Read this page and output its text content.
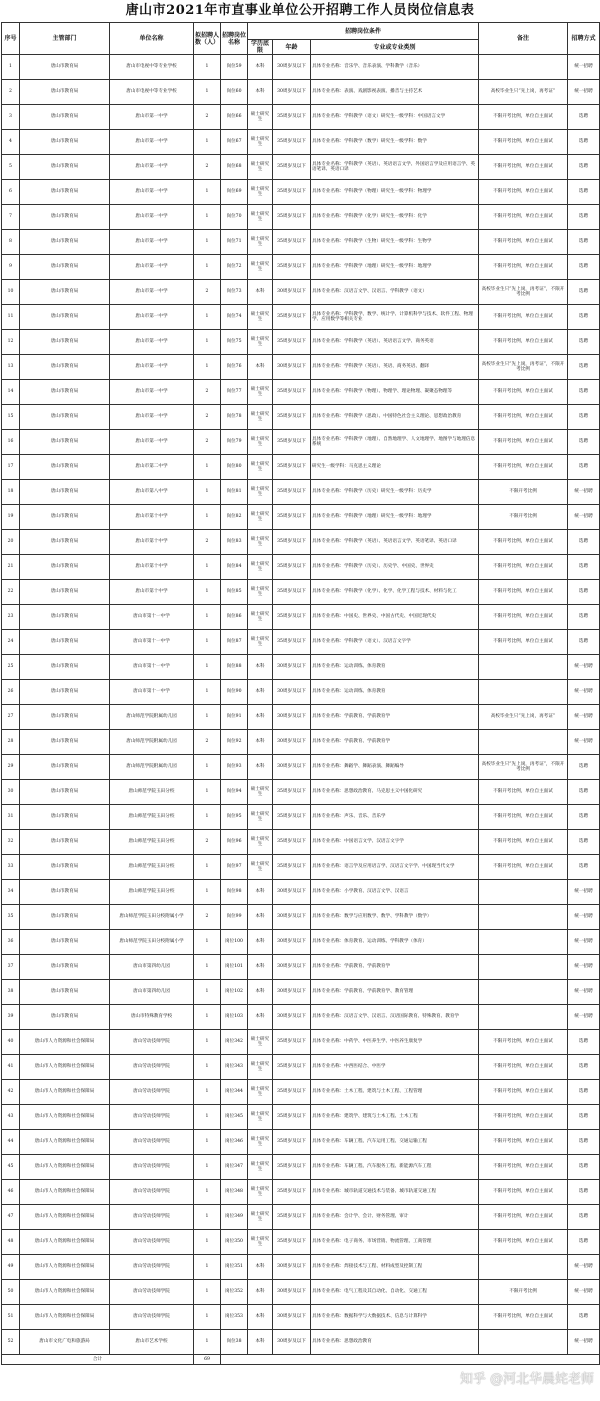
唐山市2021年市直事业单位公开招聘工作人员岗位信息表
序号	主管部门	单位名称	拟招聘人数（人）	招聘岗位名称	招聘岗位条件			备注	招聘方式
					学历底限	年龄	专业或专业类别		
1	唐山市教育局	唐山市电视中等专业学校	1	岗位59	本科	30周岁及以下	具体专业名称：音乐学、音乐表演、学科教学（音乐）		统一招聘
2	唐山市教育局	唐山市电视中等专业学校	1	岗位60	本科	30周岁及以下	具体专业名称：表演、戏剧影视表演、播音与主持艺术	高校毕业生只“先上岗，再考证”	统一招聘
3	唐山市教育局	唐山市第一中学	2	岗位66	硕士研究生	35周岁及以下	具体专业名称：学科教学（语文）研究生一级学科：中国语言文学	不限开考比例，单位自主面试	选聘
4	唐山市教育局	唐山市第一中学	1	岗位67	硕士研究生	35周岁及以下	具体专业名称：学科教学（数学）研究生一级学科：数学	不限开考比例，单位自主面试	选聘
5	唐山市教育局	唐山市第一中学	2	岗位68	硕士研究生	35周岁及以下	具体专业名称：学科教学（英语）、英语语言文学、外国语言学及应用语言学、英语笔译、英语口译	不限开考比例，单位自主面试	选聘
6	唐山市教育局	唐山市第一中学	1	岗位69	硕士研究生	35周岁及以下	具体专业名称：学科教学（物理）研究生一级学科：物理学	不限开考比例，单位自主面试	选聘
7	唐山市教育局	唐山市第一中学	1	岗位70	硕士研究生	35周岁及以下	具体专业名称：学科教学（化学）研究生一级学科：化学	不限开考比例，单位自主面试	选聘
8	唐山市教育局	唐山市第一中学	1	岗位71	硕士研究生	35周岁及以下	具体专业名称：学科教学（生物）研究生一级学科：生物学	不限开考比例，单位自主面试	选聘
9	唐山市教育局	唐山市第一中学	1	岗位72	硕士研究生	35周岁及以下	具体专业名称：学科教学（地理）研究生一级学科：地理学	不限开考比例，单位自主面试	选聘
10	唐山市教育局	唐山市第一中学	2	岗位73	本科	30周岁及以下	具体专业名称：汉语言文学、汉语言、学科教学（语文）	高校毕业生只“先上岗，再考证”，不限开考比例	选聘
11	唐山市教育局	唐山市第一中学	1	岗位74	硕士研究生	35周岁及以下	具体专业名称：学科教学、数学、统计学、计算机科学与技术、软件工程、物理学、应用数学等相关专业	不限开考比例，单位自主面试	选聘
12	唐山市教育局	唐山市第一中学	1	岗位75	硕士研究生	35周岁及以下	具体专业名称：学科教学（英语）、英语语言文学、商务英语	不限开考比例，单位自主面试	选聘
13	唐山市教育局	唐山市第一中学	1	岗位76	本科	30周岁及以下	具体专业名称：学科教学（英语）、英语、商务英语、翻译	高校毕业生只“先上岗，再考证”，不限开考比例	选聘
14	唐山市教育局	唐山市第一中学	2	岗位77	硕士研究生	35周岁及以下	具体专业名称：学科教学（物理）、物理学、理论物理、凝聚态物理等	不限开考比例，单位自主面试	选聘
15	唐山市教育局	唐山市第一中学	2	岗位78	硕士研究生	35周岁及以下	具体专业名称：学科教学（思政）、中国特色社会主义理论、思想政治教育	不限开考比例，单位自主面试	选聘
16	唐山市教育局	唐山市第一中学	2	岗位79	硕士研究生	35周岁及以下	具体专业名称：学科教学（地理）、自然地理学、人文地理学、地图学与地理信息系统	不限开考比例，单位自主面试	选聘
17	唐山市教育局	唐山市第二中学	1	岗位80	硕士研究生	35周岁及以下	研究生一级学科：马克思主义理论	不限开考比例，单位自主面试	选聘
18	唐山市教育局	唐山市第八中学	1	岗位81	硕士研究生	35周岁及以下	具体专业名称：学科教学（历史）研究生一级学科：历史学	不限开考比例	统一招聘
19	唐山市教育局	唐山市第十中学	1	岗位82	硕士研究生	35周岁及以下	具体专业名称：学科教学（地理）研究生一级学科：地理学	不限开考比例	统一招聘
20	唐山市教育局	唐山市第十中学	2	岗位83	硕士研究生	35周岁及以下	具体专业名称：学科教学（英语）、英语语言文学、英语笔译、英语口译	不限开考比例，单位自主面试	选聘
21	唐山市教育局	唐山市第十中学	1	岗位84	硕士研究生	35周岁及以下	具体专业名称：学科教学（历史）、历史学、中国史、世界史	不限开考比例，单位自主面试	选聘
22	唐山市教育局	唐山市第十中学	1	岗位85	硕士研究生	35周岁及以下	具体专业名称：学科教学（化学）、化学、化学工程与技术、材料与化工	不限开考比例，单位自主面试	选聘
23	唐山市教育局	唐山市第十一中学	1	岗位86	硕士研究生	35周岁及以下	具体专业名称：中国史、世界史、中国古代史、中国近现代史	不限开考比例，单位自主面试	选聘
24	唐山市教育局	唐山市第十一中学	1	岗位87	硕士研究生	35周岁及以下	具体专业名称：学科教学（语文）、汉语言文字学	不限开考比例，单位自主面试	选聘
25	唐山市教育局	唐山市第十一中学	1	岗位88	本科	30周岁及以下	具体专业名称：运动训练、体育教育		统一招聘
26	唐山市教育局	唐山市第十一中学	1	岗位90	本科	30周岁及以下	具体专业名称：运动训练、体育教育		统一招聘
27	唐山市教育局	唐山师范学院附属幼儿园	1	岗位91	本科	30周岁及以下	具体专业名称：学前教育、学前教育学	高校毕业生只“先上岗，再考证”	统一招聘
28	唐山市教育局	唐山师范学院附属幼儿园	2	岗位92	本科	30周岁及以下	具体专业名称：学前教育、学前教育学		统一招聘
29	唐山市教育局	唐山师范学院附属幼儿园	1	岗位93	本科	30周岁及以下	具体专业名称：舞蹈学、舞蹈表演、舞蹈编导	高校毕业生只“先上岗，再考证”，不限开考比例	选聘
30	唐山市教育局	唐山师范学院玉田分校	1	岗位94	硕士研究生	35周岁及以下	具体专业名称：思想政治教育、马克思主义中国化研究	不限开考比例，单位自主面试	选聘
31	唐山市教育局	唐山师范学院玉田分校	1	岗位95	硕士研究生	35周岁及以下	具体专业名称：声乐、音乐、音乐学	不限开考比例，单位自主面试	选聘
32	唐山市教育局	唐山师范学院玉田分校	2	岗位96	硕士研究生	35周岁及以下	具体专业名称：中国语言文学、汉语言文字学	不限开考比例，单位自主面试	选聘
33	唐山市教育局	唐山师范学院玉田分校	1	岗位97	硕士研究生	35周岁及以下	具体专业名称：语言学及应用语言学、汉语言文字学、中国现当代文学	不限开考比例，单位自主面试	选聘
34	唐山市教育局	唐山师范学院玉田分校	1	岗位98	本科	30周岁及以下	具体专业名称：小学教育、汉语言文学、汉语言		统一招聘
35	唐山市教育局	唐山师范学院玉田分校附属小学	2	岗位99	本科	30周岁及以下	具体专业名称：数学与应用数学、数学、学科教学（数学）		统一招聘
36	唐山市教育局	唐山师范学院玉田分校附属小学	1	岗位100	本科	30周岁及以下	具体专业名称：体育教育、运动训练、学科教学（体育）		统一招聘
37	唐山市教育局	唐山市第四幼儿园	1	岗位101	本科	30周岁及以下	具体专业名称：学前教育、学前教育学		统一招聘
38	唐山市教育局	唐山市第四幼儿园	1	岗位102	本科	30周岁及以下	具体专业名称：学前教育、学前教育学、教育管理		统一招聘
39	唐山市教育局	唐山市特殊教育学校	1	岗位103	本科	30周岁及以下	具体专业名称：汉语言文学、汉语言、汉语国际教育、特殊教育、教育学		统一招聘
40	唐山市人力资源和社会保障局	唐山劳动技师学院	1	岗位342	硕士研究生	35周岁及以下	具体专业名称：中药学、中医养生学、中医养生康复学	不限开考比例，单位自主面试	选聘
41	唐山市人力资源和社会保障局	唐山劳动技师学院	1	岗位343	硕士研究生	35周岁及以下	具体专业名称：中西医结合、中医学	不限开考比例，单位自主面试	选聘
42	唐山市人力资源和社会保障局	唐山劳动技师学院	1	岗位344	硕士研究生	35周岁及以下	具体专业名称：土木工程、建筑与土木工程、工程管理	不限开考比例，单位自主面试	选聘
43	唐山市人力资源和社会保障局	唐山劳动技师学院	1	岗位345	硕士研究生	35周岁及以下	具体专业名称：建筑学、建筑与土木工程、土木工程	不限开考比例，单位自主面试	选聘
44	唐山市人力资源和社会保障局	唐山劳动技师学院	1	岗位346	硕士研究生	35周岁及以下	具体专业名称：车辆工程、汽车运用工程、交通运输工程	不限开考比例，单位自主面试	选聘
45	唐山市人力资源和社会保障局	唐山劳动技师学院	1	岗位347	硕士研究生	35周岁及以下	具体专业名称：车辆工程、汽车服务工程、新能源汽车工程	不限开考比例，单位自主面试	选聘
46	唐山市人力资源和社会保障局	唐山劳动技师学院	1	岗位348	硕士研究生	35周岁及以下	具体专业名称：城市轨道交通技术与装备、城市轨道交通工程	不限开考比例，单位自主面试	选聘
47	唐山市人力资源和社会保障局	唐山劳动技师学院	1	岗位349	硕士研究生	35周岁及以下	具体专业名称：会计学、会计、财务管理、审计	不限开考比例，单位自主面试	选聘
48	唐山市人力资源和社会保障局	唐山劳动技师学院	1	岗位350	硕士研究生	35周岁及以下	具体专业名称：电子商务、市场营销、物流管理、工商管理	不限开考比例，单位自主面试	选聘
49	唐山市人力资源和社会保障局	唐山劳动技师学院	1	岗位351	本科	30周岁及以下	具体专业名称：焊接技术与工程、材料成型及控制工程		统一招聘
50	唐山市人力资源和社会保障局	唐山劳动技师学院	1	岗位352	本科	30周岁及以下	具体专业名称：电气工程及其自动化、自动化、交通工程	不限开考比例	统一招聘
51	唐山市人力资源和社会保障局	唐山劳动技师学院	1	岗位353	本科	30周岁及以下	具体专业名称：数据科学与大数据技术、信息与计算科学	不限开考比例，单位自主面试	选聘
52	唐山市文化广电和旅游局	唐山市艺术学校	1	岗位38	本科	30周岁及以下	具体专业名称：思想政治教育		统一招聘
合计			69						
知乎 @河北华晨姹老师
